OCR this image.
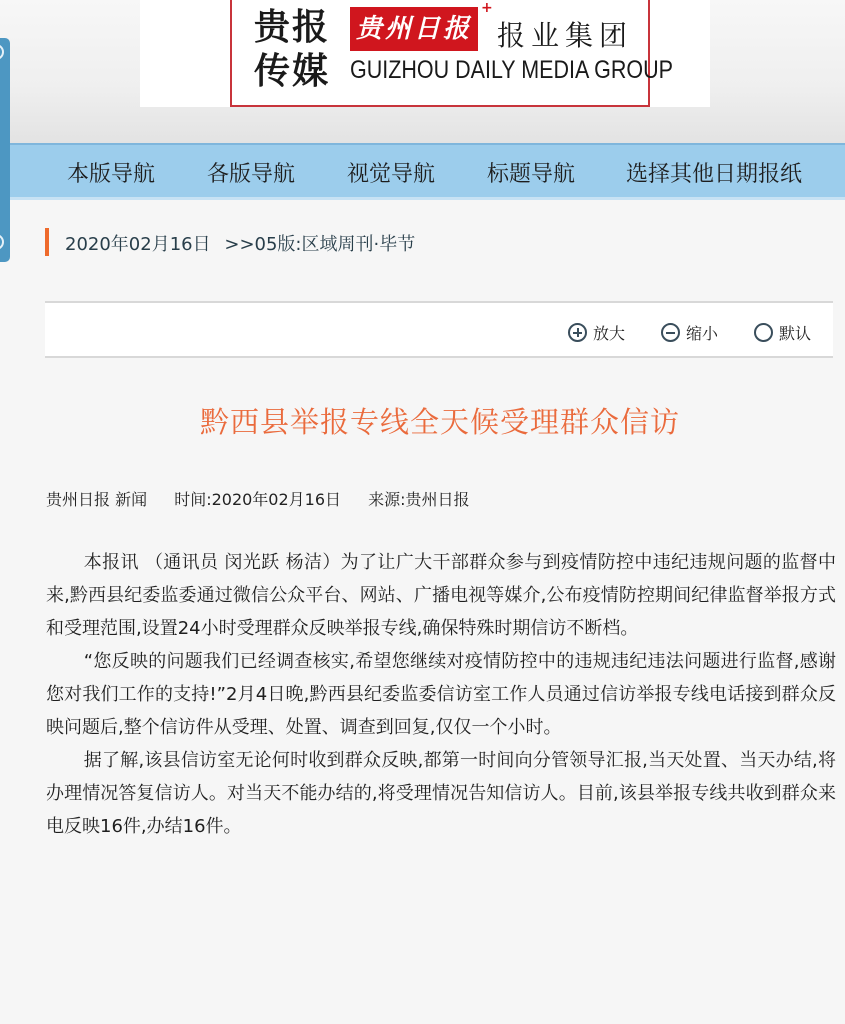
贵报
传媒
贵州日报
+
报业集团
GUIZHOU DAILY MEDIA GROUP
本版导航 各版导航 视觉导航 标题导航 选择其他日期报纸
2020年02月16日 >>05版:区域周刊·毕节
放大	缩小	默认
黔西县举报专线全天候受理群众信访
贵州日报 新闻 时间:2020年02月16日 来源:贵州日报

本报讯 （通讯员 闵光跃 杨洁）为了让广大干部群众参与到疫情防控中违纪违规问题的监督中来,黔西县纪委监委通过微信公众平台、网站、广播电视等媒介,公布疫情防控期间纪律监督举报方式和受理范围,设置24小时受理群众反映举报专线,确保特殊时期信访不断档。

“您反映的问题我们已经调查核实,希望您继续对疫情防控中的违规违纪违法问题进行监督,感谢您对我们工作的支持!”2月4日晚,黔西县纪委监委信访室工作人员通过信访举报专线电话接到群众反映问题后,整个信访件从受理、处置、调查到回复,仅仅一个小时。

据了解,该县信访室无论何时收到群众反映,都第一时间向分管领导汇报,当天处置、当天办结,将办理情况答复信访人。对当天不能办结的,将受理情况告知信访人。目前,该县举报专线共收到群众来电反映16件,办结16件。
